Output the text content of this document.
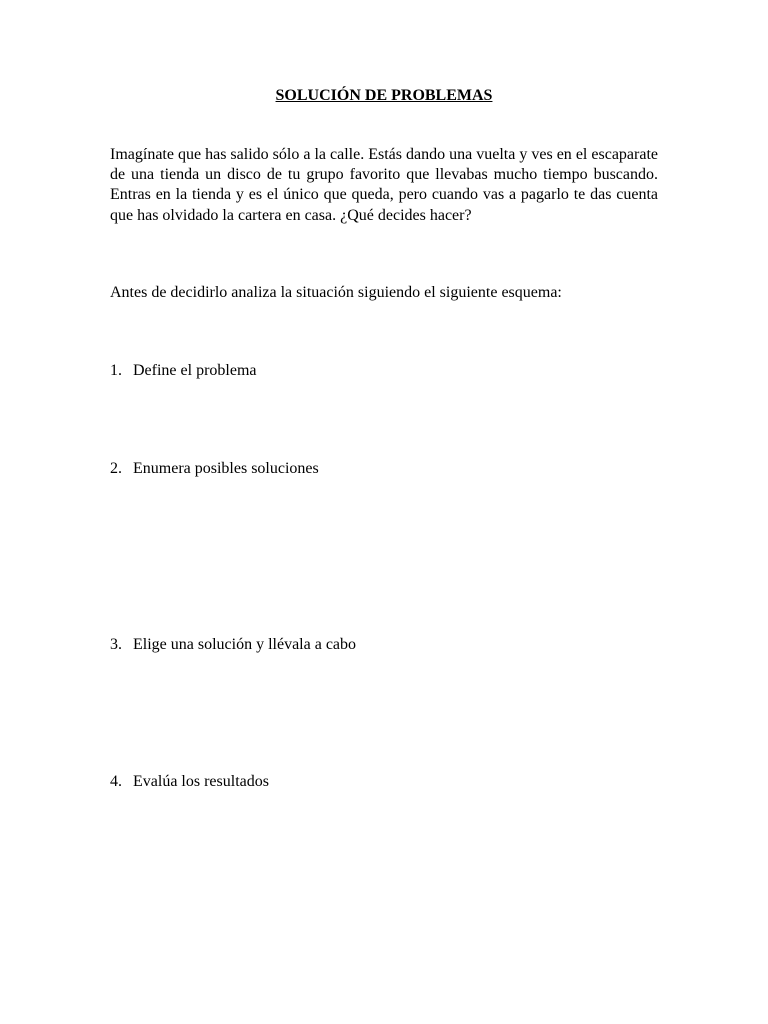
SOLUCIÓN DE PROBLEMAS

Imagínate que has salido sólo a la calle. Estás dando una vuelta y ves en el escaparate de una tienda un disco de tu grupo favorito que llevabas mucho tiempo buscando. Entras en la tienda y es el único que queda, pero cuando vas a pagarlo te das cuenta que has olvidado la cartera en casa. ¿Qué decides hacer?

Antes de decidirlo analiza la situación siguiendo el siguiente esquema:

1. Define el problema
2. Enumera posibles soluciones
3. Elige una solución y llévala a cabo
4. Evalúa los resultados
